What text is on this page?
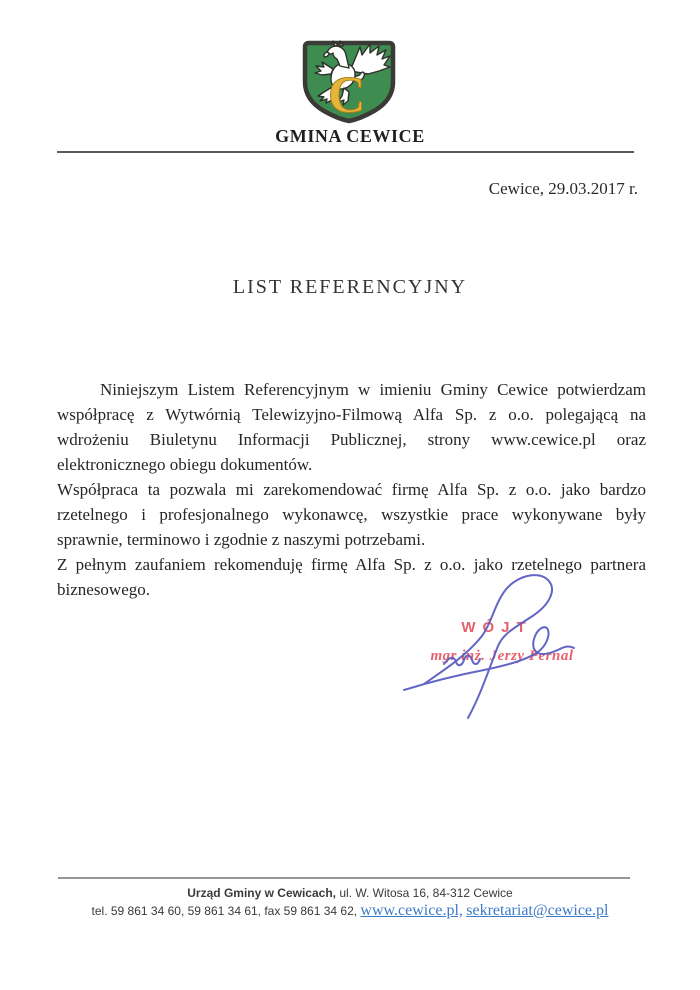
C
GMINA CEWICE
Cewice, 29.03.2017 r.
LIST REFERENCYJNY

Niniejszym Listem Referencyjnym w imieniu Gminy Cewice potwierdzam współpracę z Wytwórnią Telewizyjno-Filmową Alfa Sp. z o.o. polegającą na wdrożeniu Biuletynu Informacji Publicznej, strony www.cewice.pl oraz elektronicznego obiegu dokumentów.

Współpraca ta pozwala mi zarekomendować firmę Alfa Sp. z o.o. jako bardzo rzetelnego i profesjonalnego wykonawcę, wszystkie prace wykonywane były sprawnie, terminowo i zgodnie z naszymi potrzebami.

Z pełnym zaufaniem rekomenduję firmę Alfa Sp. z o.o. jako rzetelnego partnera biznesowego.

WÓJT
mgr inż. Jerzy Pernal
Urząd Gminy w Cewicach, ul. W. Witosa 16, 84-312 Cewice
tel. 59 861 34 60, 59 861 34 61, fax 59 861 34 62, www.cewice.pl, sekretariat@cewice.pl
